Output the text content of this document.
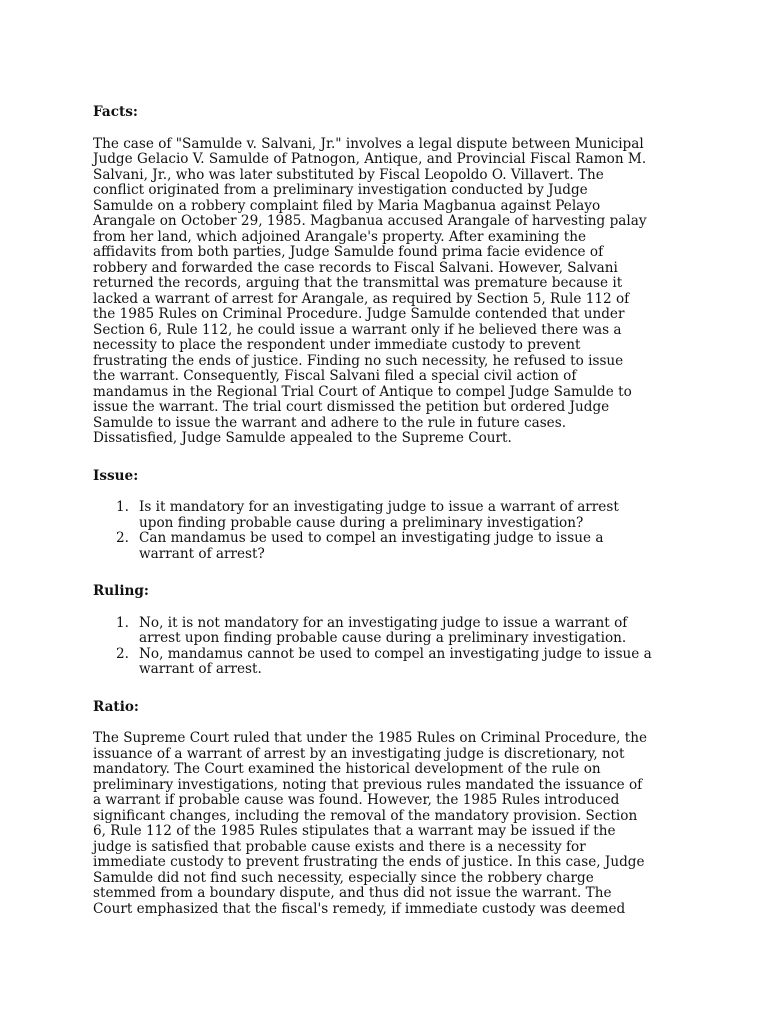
Facts:

The case of "Samulde v. Salvani, Jr." involves a legal dispute between Municipal
Judge Gelacio V. Samulde of Patnogon, Antique, and Provincial Fiscal Ramon M.
Salvani, Jr., who was later substituted by Fiscal Leopoldo O. Villavert. The
conflict originated from a preliminary investigation conducted by Judge
Samulde on a robbery complaint filed by Maria Magbanua against Pelayo
Arangale on October 29, 1985. Magbanua accused Arangale of harvesting palay
from her land, which adjoined Arangale's property. After examining the
affidavits from both parties, Judge Samulde found prima facie evidence of
robbery and forwarded the case records to Fiscal Salvani. However, Salvani
returned the records, arguing that the transmittal was premature because it
lacked a warrant of arrest for Arangale, as required by Section 5, Rule 112 of
the 1985 Rules on Criminal Procedure. Judge Samulde contended that under
Section 6, Rule 112, he could issue a warrant only if he believed there was a
necessity to place the respondent under immediate custody to prevent
frustrating the ends of justice. Finding no such necessity, he refused to issue
the warrant. Consequently, Fiscal Salvani filed a special civil action of
mandamus in the Regional Trial Court of Antique to compel Judge Samulde to
issue the warrant. The trial court dismissed the petition but ordered Judge
Samulde to issue the warrant and adhere to the rule in future cases.
Dissatisfied, Judge Samulde appealed to the Supreme Court.

Issue:
1. Is it mandatory for an investigating judge to issue a warrant of arrest
upon finding probable cause during a preliminary investigation?
2. Can mandamus be used to compel an investigating judge to issue a
warrant of arrest?
Ruling:
1. No, it is not mandatory for an investigating judge to issue a warrant of
arrest upon finding probable cause during a preliminary investigation.
2. No, mandamus cannot be used to compel an investigating judge to issue a
warrant of arrest.
Ratio:

The Supreme Court ruled that under the 1985 Rules on Criminal Procedure, the
issuance of a warrant of arrest by an investigating judge is discretionary, not
mandatory. The Court examined the historical development of the rule on
preliminary investigations, noting that previous rules mandated the issuance of
a warrant if probable cause was found. However, the 1985 Rules introduced
significant changes, including the removal of the mandatory provision. Section
6, Rule 112 of the 1985 Rules stipulates that a warrant may be issued if the
judge is satisfied that probable cause exists and there is a necessity for
immediate custody to prevent frustrating the ends of justice. In this case, Judge
Samulde did not find such necessity, especially since the robbery charge
stemmed from a boundary dispute, and thus did not issue the warrant. The
Court emphasized that the fiscal's remedy, if immediate custody was deemed
